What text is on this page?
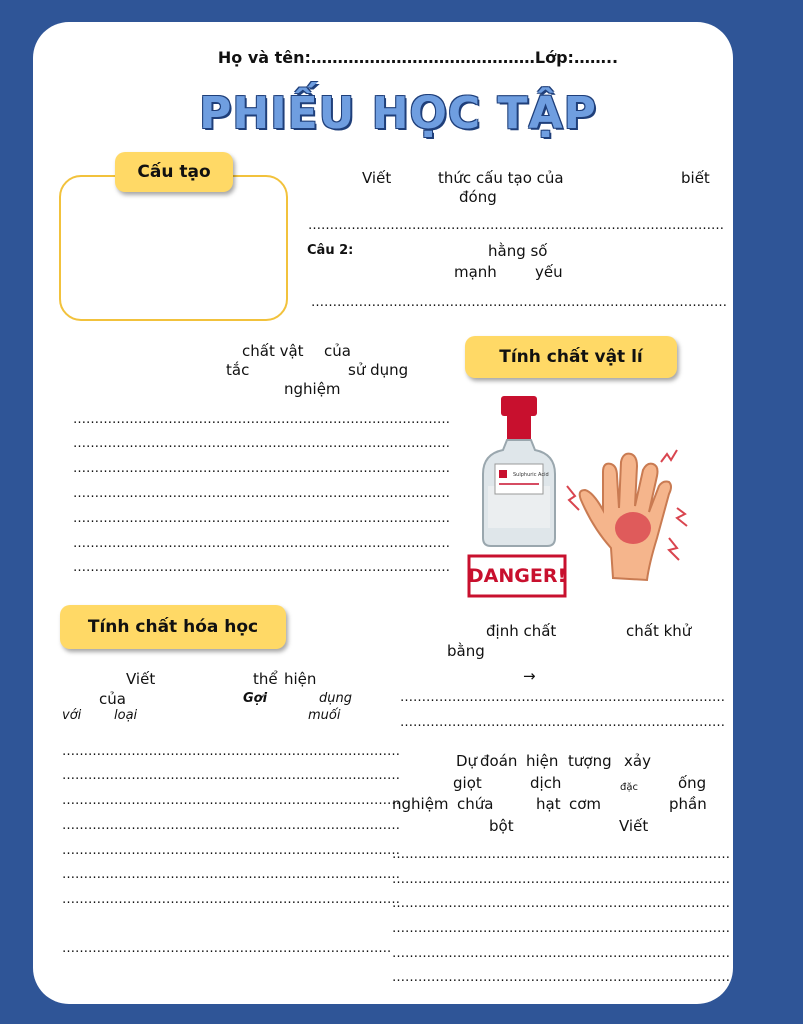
Họ và tên:……………………………………Lớp:……..
PHIẾU HỌC TẬP
Cấu tạo	Viết	thức cấu tạo của	biết
đóng
……………………………………………………………………………………
Câu 2:	hằng số
mạnh	yếu
……………………………………………………………………………………
Tính chất vật lí
chất vật của
tắc	sử dụng
nghiệm
……………………………………………………………………………
……………………………………………………………………………
……………………………………………………………………………
……………………………………………………………………………
……………………………………………………………………………
……………………………………………………………………………
……………………………………………………………………………
Sulphuric Acid
DANGER!
Tính chất hóa học
Viết	thể hiện
của	Gợi	dụng
với	loại	muối
……………………………………………………………………
……………………………………………………………………
……………………………………………………………………
……………………………………………………………………
……………………………………………………………………
……………………………………………………………………
……………………………………………………………………
………………………………………………………………….
định chất	chất khử
bằng
→
…………………………………………………………………
…………………………………………………………………
Dự đoán hiện tượng xảy
giọt	dịch	đặc	ống
nghiệm chứa	hạt cơm	phần
bột	Viết
……………………………………………………………………
……………………………………………………………………
……………………………………………………………………
……………………………………………………………………
……………………………………………………………………
……………………………………………………………………
